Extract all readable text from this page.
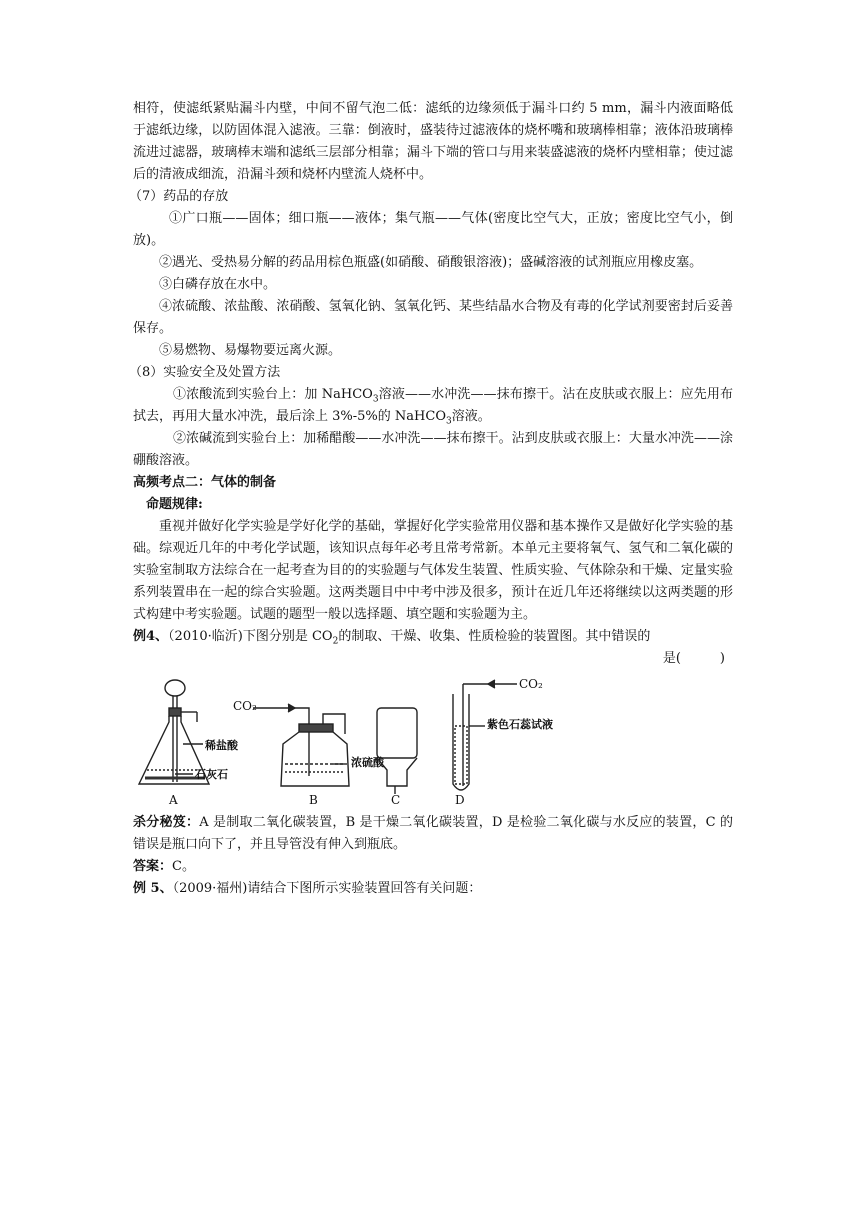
相符，使滤纸紧贴漏斗内壁，中间不留气泡二低：滤纸的边缘须低于漏斗口约 5 mm，漏斗内液面略低于滤纸边缘，以防固体混入滤液。三靠：倒液时，盛装待过滤液体的烧杯嘴和玻璃棒相靠；液体沿玻璃棒流进过滤器，玻璃棒末端和滤纸三层部分相靠；漏斗下端的管口与用来装盛滤液的烧杯内壁相靠；使过滤后的清液成细流，沿漏斗颈和烧杯内壁流人烧杯中。

（7）药品的存放

①广口瓶——固体；细口瓶——液体；集气瓶——气体(密度比空气大，正放；密度比空气小，倒放)。

②遇光、受热易分解的药品用棕色瓶盛(如硝酸、硝酸银溶液)；盛碱溶液的试剂瓶应用橡皮塞。

③白磷存放在水中。

④浓硫酸、浓盐酸、浓硝酸、氢氧化钠、氢氧化钙、某些结晶水合物及有毒的化学试剂要密封后妥善保存。

⑤易燃物、易爆物要远离火源。

（8）实验安全及处置方法

①浓酸流到实验台上：加 NaHCO$_3$溶液——水冲洗——抹布擦干。沾在皮肤或衣服上：应先用布拭去，再用大量水冲洗，最后涂上 3%-5%的 NaHCO$_3$溶液。

②浓碱流到实验台上：加稀醋酸——水冲洗——抹布擦干。沾到皮肤或衣服上：大量水冲洗——涂硼酸溶液。

高频考点二：气体的制备

命题规律:

重视并做好化学实验是学好化学的基础，掌握好化学实验常用仪器和基本操作又是做好化学实验的基础。综观近几年的中考化学试题，该知识点每年必考且常考常新。本单元主要将氧气、氢气和二氧化碳的实验室制取方法综合在一起考查为目的的实验题与气体发生装置、性质实验、气体除杂和干燥、定量实验系列装置串在一起的综合实验题。这两类题目中中考中涉及很多，预计在近几年还将继续以这两类题的形式构建中考实验题。试题的题型一般以选择题、填空题和实验题为主。

例4、（2010·临沂)下图分别是 $CO_2$的制取、干燥、收集、性质检验的装置图。其中错误的

是(　　　)

稀盐酸
石灰石
A
CO₂
浓硫酸
B	C
CO₂
紫色石蕊试液
D

杀分秘笈：A 是制取二氧化碳装置，B 是干燥二氧化碳装置，D 是检验二氧化碳与水反应的装置，C 的错误是瓶口向下了，并且导管没有伸入到瓶底。

答案：C。

例 5、（2009·福州)请结合下图所示实验装置回答有关问题：
